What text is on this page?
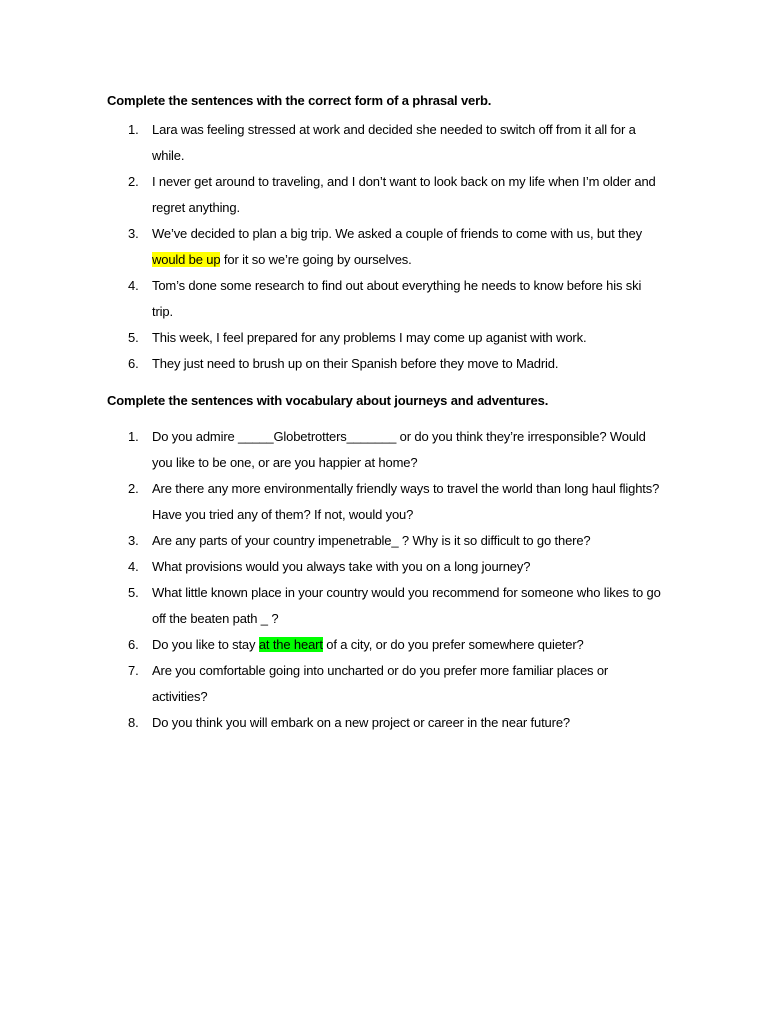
Complete the sentences with the correct form of a phrasal verb.
1. Lara was feeling stressed at work and decided she needed to switch off from it all for a while.
2. I never get around to traveling, and I don’t want to look back on my life when I’m older and regret anything.
3. We’ve decided to plan a big trip. We asked a couple of friends to come with us, but they would be up for it so we’re going by ourselves.
4. Tom’s done some research to find out about everything he needs to know before his ski trip.
5. This week, I feel prepared for any problems I may come up aganist with work.
6. They just need to brush up on their Spanish before they move to Madrid.
Complete the sentences with vocabulary about journeys and adventures.
1. Do you admire _____Globetrotters_______ or do you think they’re irresponsible? Would you like to be one, or are you happier at home?
2. Are there any more environmentally friendly ways to travel the world than long haul flights? Have you tried any of them? If not, would you?
3. Are any parts of your country impenetrable_ ? Why is it so difficult to go there?
4. What provisions would you always take with you on a long journey?
5. What little known place in your country would you recommend for someone who likes to go off the beaten path _ ?
6. Do you like to stay at the heart of a city, or do you prefer somewhere quieter?
7. Are you comfortable going into uncharted or do you prefer more familiar places or activities?
8. Do you think you will embark on a new project or career in the near future?
